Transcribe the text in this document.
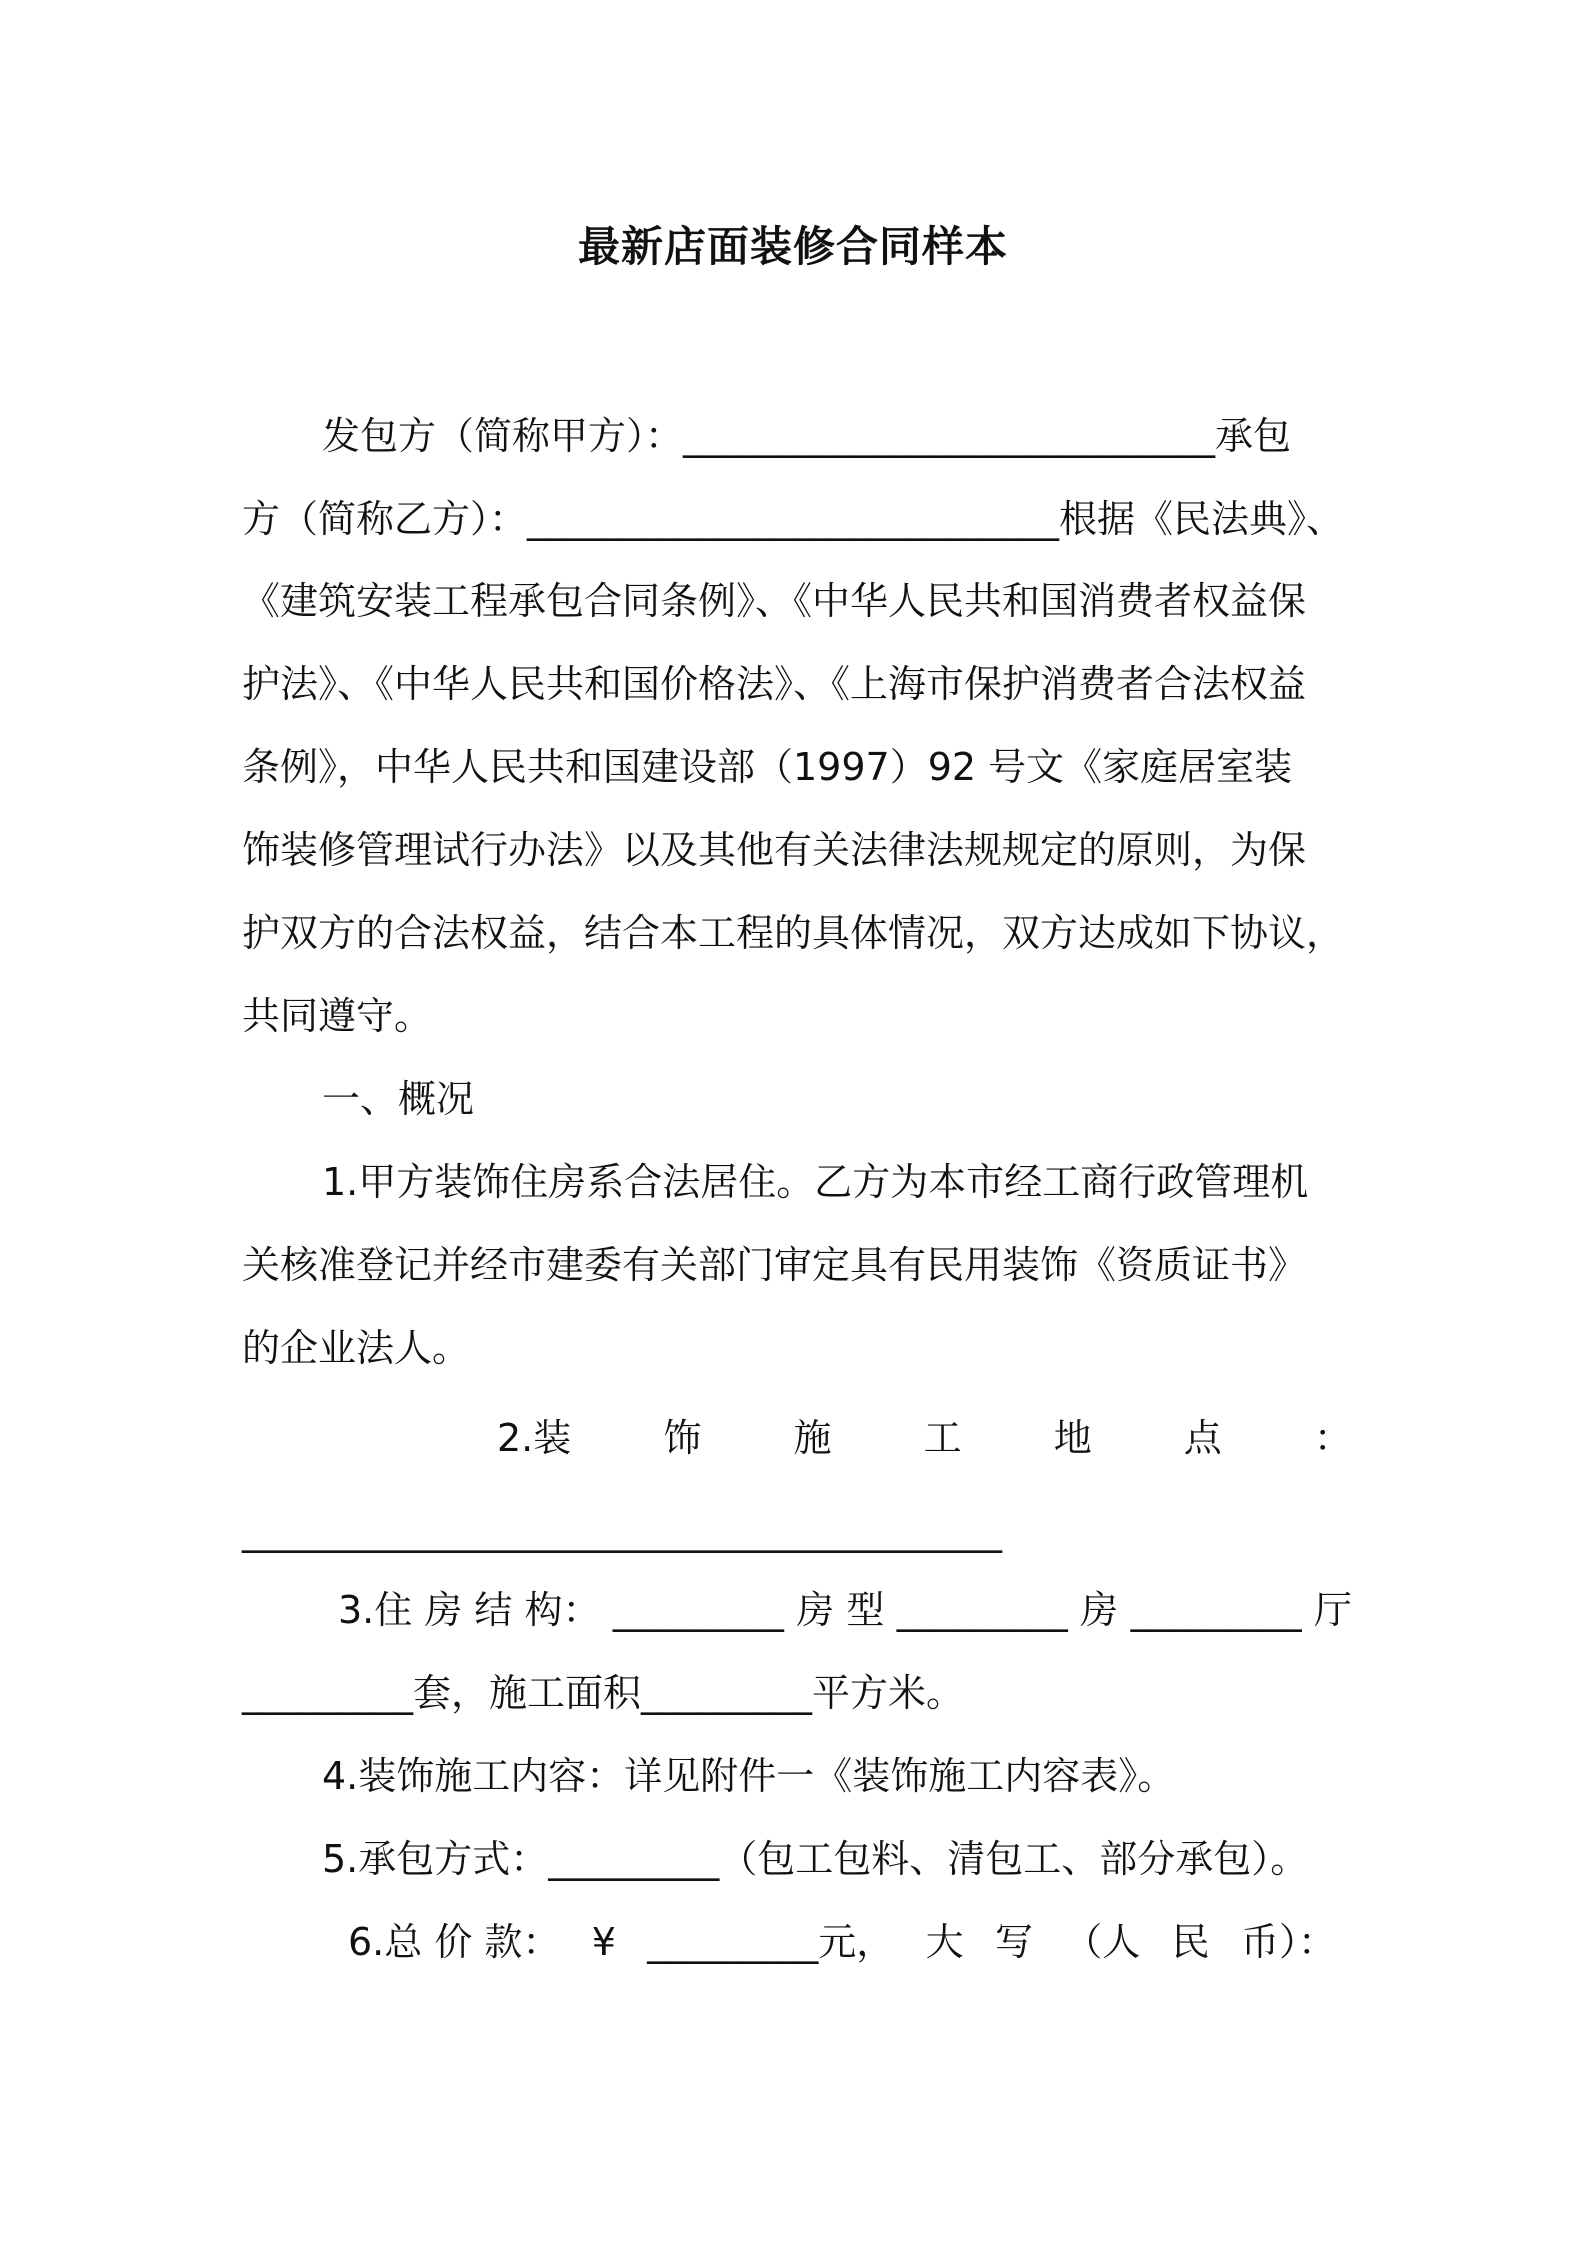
最新店面装修合同样本

发包方（简称甲方）：____________________________承包

方（简称乙方）：____________________________根据《民法典》、

《建筑安装工程承包合同条例》、《中华人民共和国消费者权益保

护法》、《中华人民共和国价格法》、《上海市保护消费者合法权益

条例》，中华人民共和国建设部（1997）92 号文《家庭居室装

饰装修管理试行办法》以及其他有关法律法规规定的原则，为保

护双方的合法权益，结合本工程的具体情况，双方达成如下协议，

共同遵守。

一、概况

1.甲方装饰住房系合法居住。乙方为本市经工商行政管理机

关核准登记并经市建委有关部门审定具有民用装饰《资质证书》

的企业法人。

2.装 饰 施 工 地 点 ：

________________________________________

3.住 房 结 构： _________ 房 型 _________ 房 _________ 厅

_________套，施工面积_________平方米。

4.装饰施工内容：详见附件一《装饰施工内容表》。

5.承包方式：_________（包工包料、清包工、部分承包）。

6.总 价 款： ¥ _________元， 大 写 （人 民 币）：
